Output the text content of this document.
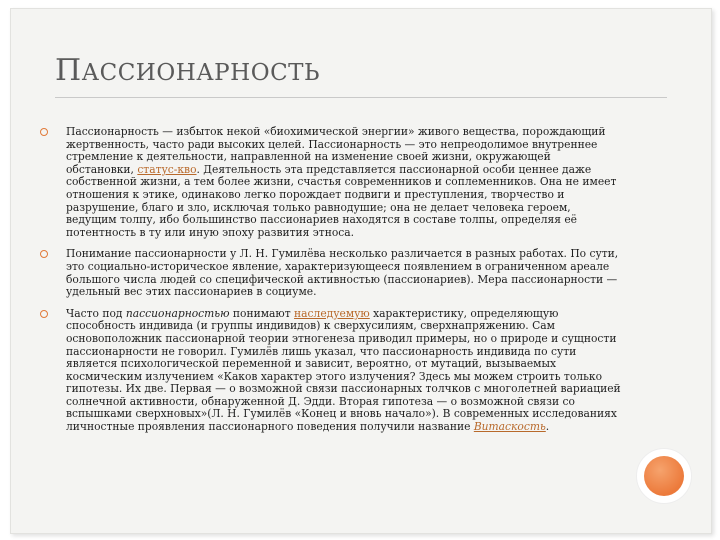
ПАССИОНАРНОСТЬ
Пассионарность — избыток некой «биохимической энергии» живого вещества, порождающий жертвенность, часто ради высоких целей. Пассионарность — это непреодолимое внутреннее стремление к деятельности, направленной на изменение своей жизни, окружающей обстановки, статус-кво. Деятельность эта представляется пассионарной особи ценнее даже собственной жизни, а тем более жизни, счастья современников и соплеменников. Она не имеет отношения к этике, одинаково легко порождает подвиги и преступления, творчество и разрушение, благо и зло, исключая только равнодушие; она не делает человека героем, ведущим толпу, ибо большинство пассионариев находятся в составе толпы, определяя её потентность в ту или иную эпоху развития этноса.
Понимание пассионарности у Л. Н. Гумилёва несколько различается в разных работах. По сути, это социально-историческое явление, характеризующееся появлением в ограниченном ареале большого числа людей со специфической активностью (пассионариев). Мера пассионарности — удельный вес этих пассионариев в социуме.
Часто под пассионарностью понимают наследуемую характеристику, определяющую способность индивида (и группы индивидов) к сверхусилиям, сверхнапряжению. Сам основоположник пассионарной теории этногенеза приводил примеры, но о природе и сущности пассионарности не говорил. Гумилёв лишь указал, что пассионарность индивида по сути является психологической переменной и зависит, вероятно, от мутаций, вызываемых космическим излучением «Каков характер этого излучения? Здесь мы можем строить только гипотезы. Их две. Первая — о возможной связи пассионарных толчков с многолетней вариацией солнечной активности, обнаруженной Д. Эдди. Вторая гипотеза — о возможной связи со вспышками сверхновых»(Л. Н. Гумилёв «Конец и вновь начало»). В современных исследованиях личностные проявления пассионарного поведения получили название Витаскость.
